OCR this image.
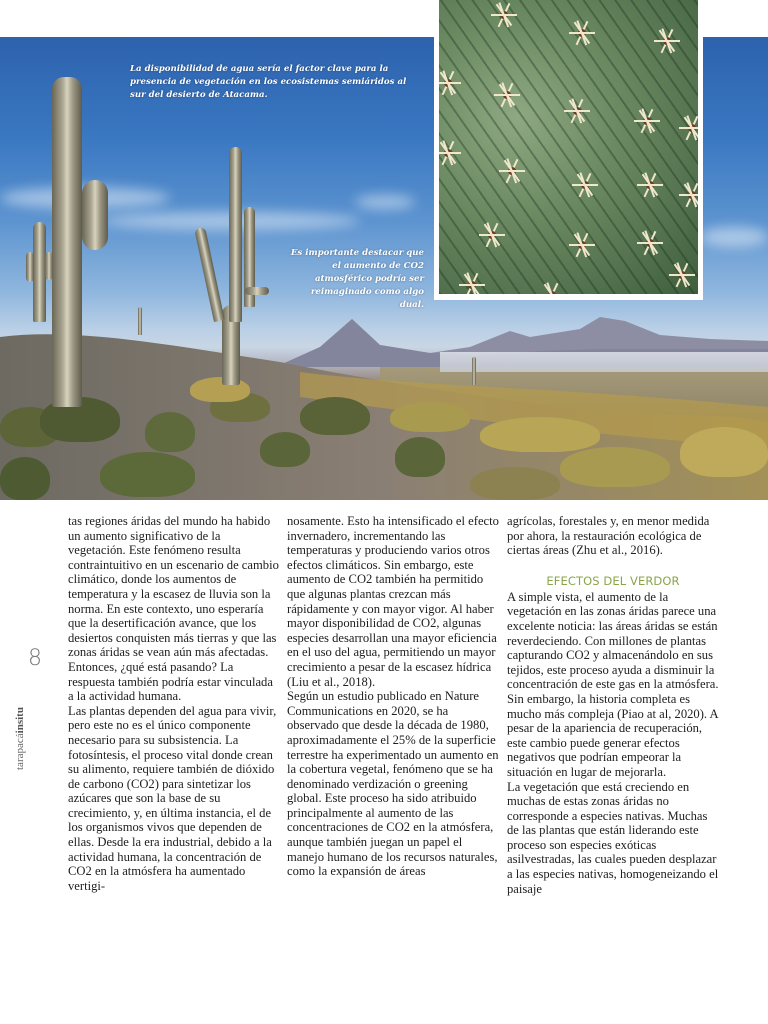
La disponibilidad de agua sería el factor clave para la presencia de vegetación en los ecosistemas semiáridos al sur del desierto de Atacama.

Es importante destacar que el aumento de CO2 atmosférico podría ser reimaginado como algo dual.

8
tarapacáinsitu

tas regiones áridas del mundo ha habido un aumento significativo de la vegetación. Este fenómeno resulta contraintuitivo en un escenario de cambio climático, donde los aumentos de temperatura y la escasez de lluvia son la norma. En este contexto, uno esperaría que la desertificación avance, que los desiertos conquisten más tierras y que las zonas áridas se vean aún más afectadas. Entonces, ¿qué está pasando? La respuesta también podría estar vinculada a la actividad humana.

Las plantas dependen del agua para vivir, pero este no es el único componente necesario para su subsistencia. La fotosíntesis, el proceso vital donde crean su alimento, requiere también de dióxido de carbono (CO2) para sintetizar los azúcares que son la base de su crecimiento, y, en última instancia, el de los organismos vivos que dependen de ellas. Desde la era industrial, debido a la actividad humana, la concentración de CO2 en la atmósfera ha aumentado vertigi-

nosamente. Esto ha intensificado el efecto invernadero, incrementando las temperaturas y produciendo varios otros efectos climáticos. Sin embargo, este aumento de CO2 también ha permitido que algunas plantas crezcan más rápidamente y con mayor vigor. Al haber mayor disponibilidad de CO2, algunas especies desarrollan una mayor eficiencia en el uso del agua, permitiendo un mayor crecimiento a pesar de la escasez hídrica (Liu et al., 2018).

Según un estudio publicado en Nature Communications en 2020, se ha observado que desde la década de 1980, aproximadamente el 25% de la superficie terrestre ha experimentado un aumento en la cobertura vegetal, fenómeno que se ha denominado verdización o greening global. Este proceso ha sido atribuido principalmente al aumento de las concentraciones de CO2 en la atmósfera, aunque también juegan un papel el manejo humano de los recursos naturales, como la expansión de áreas

agrícolas, forestales y, en menor medida por ahora, la restauración ecológica de ciertas áreas (Zhu et al., 2016).

EFECTOS DEL VERDOR

A simple vista, el aumento de la vegetación en las zonas áridas parece una excelente noticia: las áreas áridas se están reverdeciendo. Con millones de plantas capturando CO2 y almacenándolo en sus tejidos, este proceso ayuda a disminuir la concentración de este gas en la atmósfera. Sin embargo, la historia completa es mucho más compleja (Piao at al, 2020). A pesar de la apariencia de recuperación, este cambio puede generar efectos negativos que podrían empeorar la situación en lugar de mejorarla.

La vegetación que está creciendo en muchas de estas zonas áridas no corresponde a especies nativas. Muchas de las plantas que están liderando este proceso son especies exóticas asilvestradas, las cuales pueden desplazar a las especies nativas, homogeneizando el paisaje
